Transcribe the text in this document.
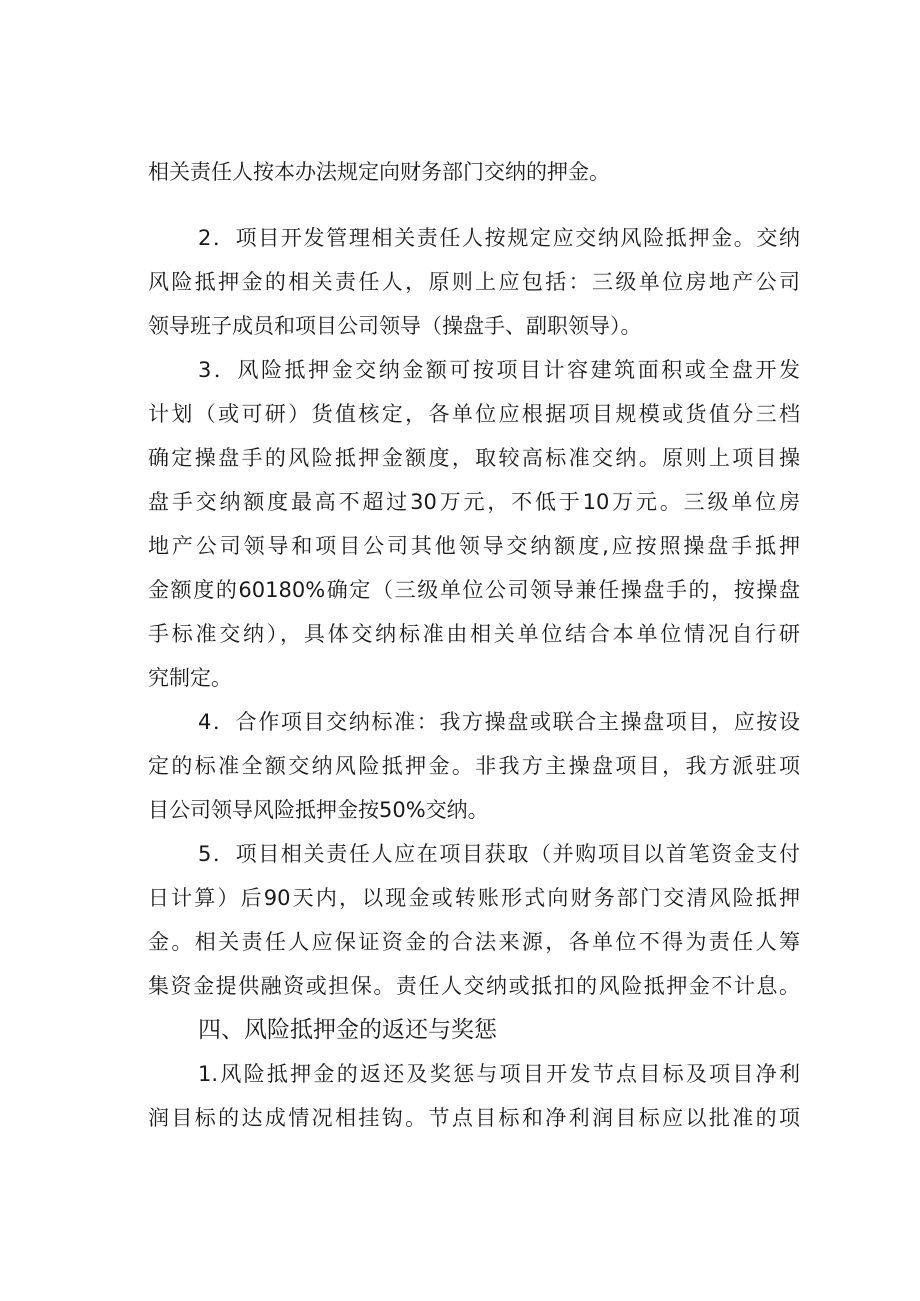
相关责任人按本办法规定向财务部门交纳的押金。
2．项目开发管理相关责任人按规定应交纳风险抵押金。交纳
风险抵押金的相关责任人，原则上应包括：三级单位房地产公司
领导班子成员和项目公司领导（操盘手、副职领导）。
3．风险抵押金交纳金额可按项目计容建筑面积或全盘开发
计划（或可研）货值核定，各单位应根据项目规模或货值分三档
确定操盘手的风险抵押金额度，取较高标准交纳。原则上项目操
盘手交纳额度最高不超过30万元，不低于10万元。三级单位房
地产公司领导和项目公司其他领导交纳额度,应按照操盘手抵押
金额度的60180%确定（三级单位公司领导兼任操盘手的，按操盘
手标准交纳），具体交纳标准由相关单位结合本单位情况自行研
究制定。
4．合作项目交纳标准：我方操盘或联合主操盘项目，应按设
定的标准全额交纳风险抵押金。非我方主操盘项目，我方派驻项
目公司领导风险抵押金按50%交纳。
5．项目相关责任人应在项目获取（并购项目以首笔资金支付
日计算）后90天内，以现金或转账形式向财务部门交清风险抵押
金。相关责任人应保证资金的合法来源，各单位不得为责任人筹
集资金提供融资或担保。责任人交纳或抵扣的风险抵押金不计息。
四、风险抵押金的返还与奖惩
1.风险抵押金的返还及奖惩与项目开发节点目标及项目净利
润目标的达成情况相挂钩。节点目标和净利润目标应以批准的项
